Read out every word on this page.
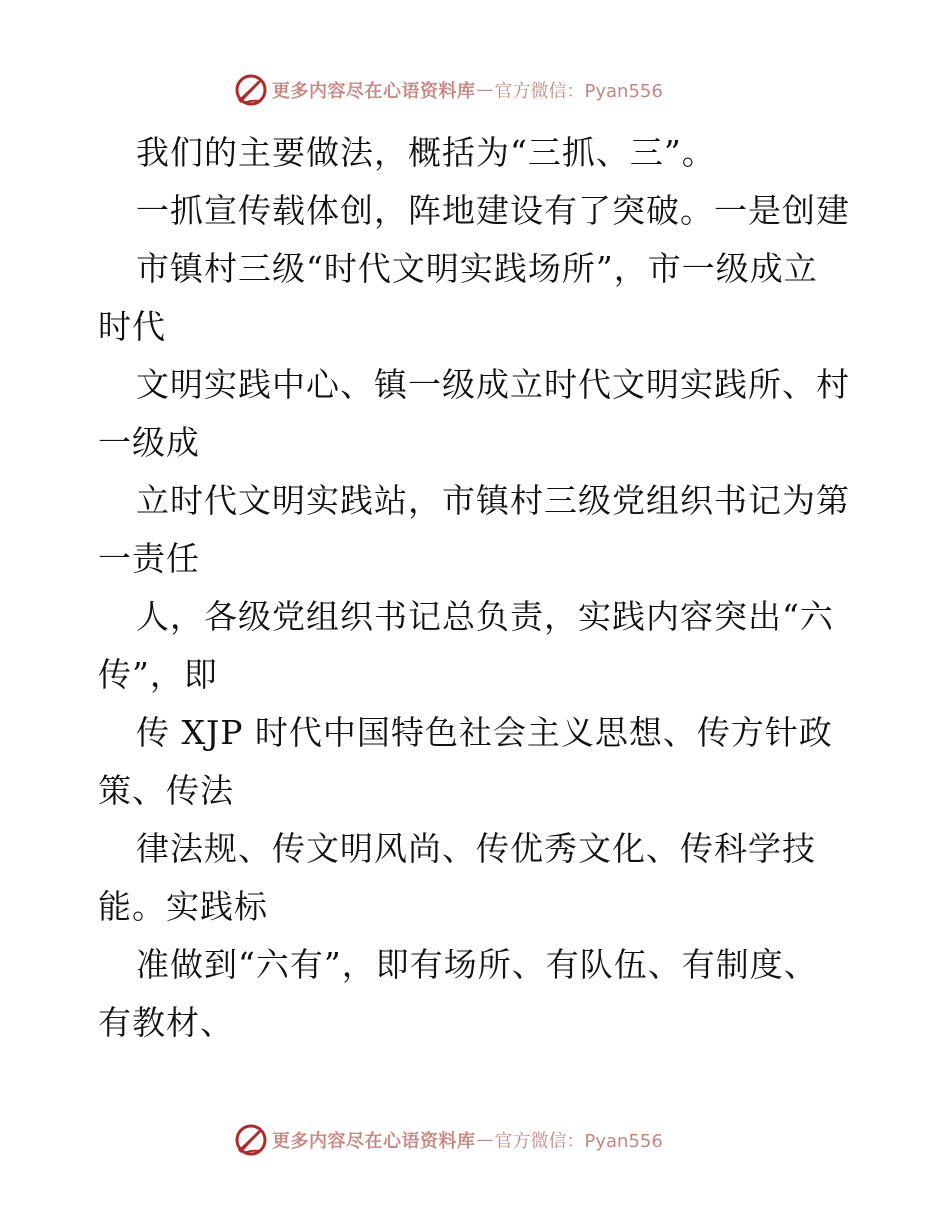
更多内容尽在心语资料库 — 官方微信：Pyan556
我们的主要做法，概括为“三抓、三”。
一抓宣传载体创，阵地建设有了突破。一是创建
市镇村三级“时代文明实践场所”，市一级成立
时代
文明实践中心、镇一级成立时代文明实践所、村
一级成
立时代文明实践站，市镇村三级党组织书记为第
一责任
人，各级党组织书记总负责，实践内容突出“六
传”，即
传 XJP 时代中国特色社会主义思想、传方针政
策、传法
律法规、传文明风尚、传优秀文化、传科学技
能。实践标
准做到“六有”，即有场所、有队伍、有制度、
有教材、
更多内容尽在心语资料库 — 官方微信：Pyan556
